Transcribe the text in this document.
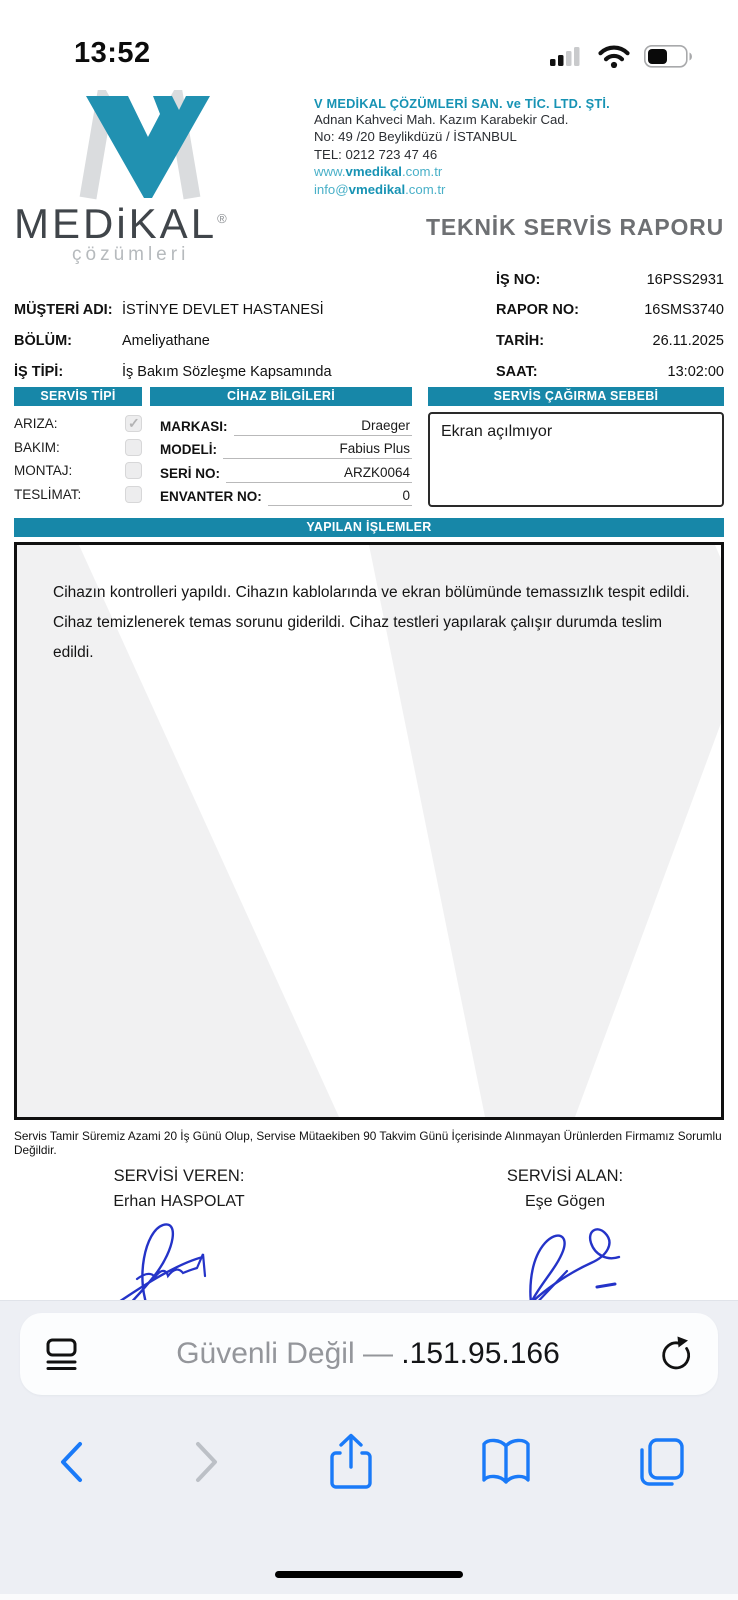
13:52
MEDiKAL®
çözümleri
V MEDİKAL ÇÖZÜMLERİ SAN. ve TİC. LTD. ŞTİ.
Adnan Kahveci Mah. Kazım Karabekir Cad.
No: 49 /20 Beylikdüzü / İSTANBUL
TEL: 0212 723 47 46
www.vmedikal.com.tr
info@vmedikal.com.tr
TEKNİK SERVİS RAPORU
İŞ NO:	16PSS2931
MÜŞTERİ ADI: İSTİNYE DEVLET HASTANESİ	RAPOR NO:	16SMS3740
BÖLÜM:	Ameliyathane	TARİH:	26.11.2025
İŞ TİPİ:	İş Bakım Sözleşme Kapsamında	SAAT:	13:02:00
SERVİS TİPİ	CİHAZ BİLGİLERİ	SERVİS ÇAĞIRMA SEBEBİ
ARIZA:
✓
BAKIM:
MONTAJ:
TESLİMAT:
MARKASI:	Draeger
MODELİ:	Fabius Plus
SERİ NO:	ARZK0064
ENVANTER NO:	0
Ekran açılmıyor
YAPILAN İŞLEMLER
Cihazın kontrolleri yapıldı. Cihazın kablolarında ve ekran bölümünde temassızlık tespit edildi. Cihaz temizlenerek temas sorunu giderildi. Cihaz testleri yapılarak çalışır durumda teslim edildi.
Servis Tamir Süremiz Azami 20 İş Günü Olup, Servise Mütaekiben 90 Takvim Günü İçerisinde Alınmayan Ürünlerden Firmamız Sorumlu Değildir.
SERVİSİ VEREN:
Erhan HASPOLAT
SERVİSİ ALAN:
Eşe Gögen
Güvenli Değil — .151.95.166
